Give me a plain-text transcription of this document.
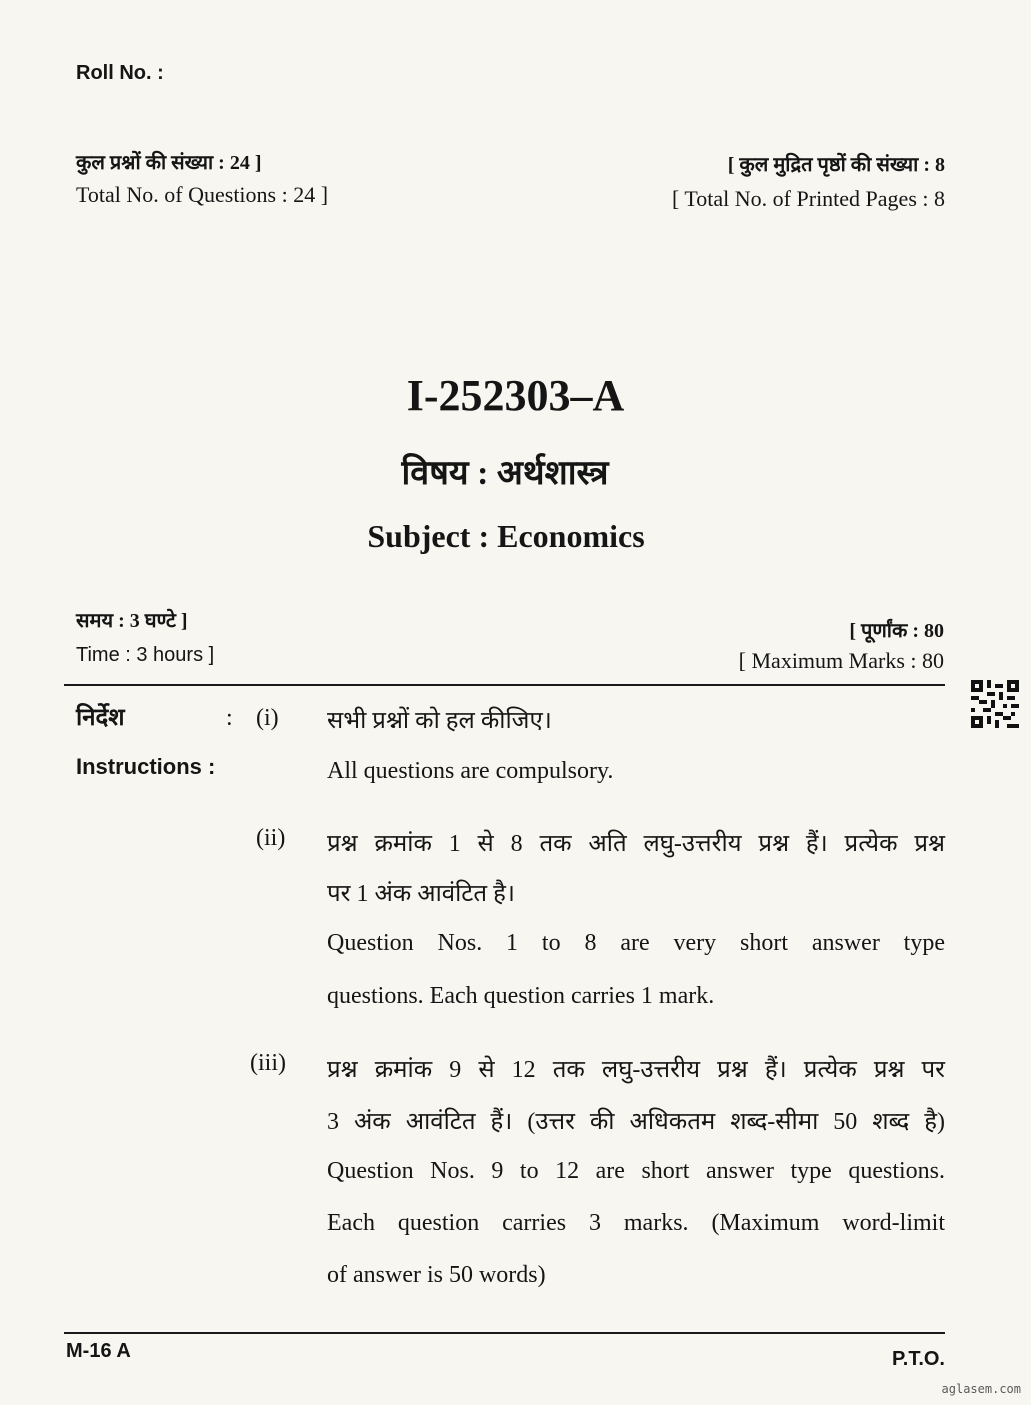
Roll No. :
कुल प्रश्नों की संख्या : 24 ]
Total No. of Questions : 24 ]
[ कुल मुद्रित पृष्ठों की संख्या : 8
[ Total No. of Printed Pages : 8
I-252303–A
विषय : अर्थशास्त्र
Subject : Economics
समय : 3 घण्टे ]
Time : 3 hours ]
[ पूर्णांक : 80
[ Maximum Marks : 80
निर्देश
Instructions :
: (i) सभी प्रश्नों को हल कीजिए।
All questions are compulsory.
(ii) प्रश्न क्रमांक 1 से 8 तक अति लघु-उत्तरीय प्रश्न हैं। प्रत्येक प्रश्न
पर 1 अंक आवंटित है।
Question Nos. 1 to 8 are very short answer type
questions. Each question carries 1 mark.
(iii) प्रश्न क्रमांक 9 से 12 तक लघु-उत्तरीय प्रश्न हैं। प्रत्येक प्रश्न पर
3 अंक आवंटित हैं। (उत्तर की अधिकतम शब्द-सीमा 50 शब्द है)
Question Nos. 9 to 12 are short answer type questions.
Each question carries 3 marks. (Maximum word-limit
of answer is 50 words)
M-16 A	P.T.O.
aglasem.com
